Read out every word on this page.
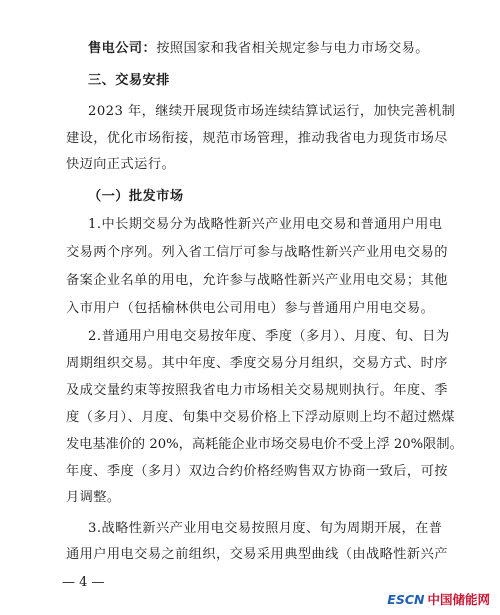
售电公司：按照国家和我省相关规定参与电力市场交易。
三、交易安排
2023 年，继续开展现货市场连续结算试运行，加快完善机制
建设，优化市场衔接，规范市场管理，推动我省电力现货市场尽
快迈向正式运行。
（一）批发市场
1.中长期交易分为战略性新兴产业用电交易和普通用户用电
交易两个序列。列入省工信厅可参与战略性新兴产业用电交易的
备案企业名单的用电，允许参与战略性新兴产业用电交易；其他
入市用户（包括榆林供电公司用电）参与普通用户用电交易。
2.普通用户用电交易按年度、季度（多月）、月度、旬、日为
周期组织交易。其中年度、季度交易分月组织，交易方式、时序
及成交量约束等按照我省电力市场相关交易规则执行。年度、季
度（多月）、月度、旬集中交易价格上下浮动原则上均不超过燃煤
发电基准价的 20%，高耗能企业市场交易电价不受上浮 20%限制。
年度、季度（多月）双边合约价格经购售双方协商一致后，可按
月调整。
3.战略性新兴产业用电交易按照月度、旬为周期开展，在普
通用户用电交易之前组织，交易采用典型曲线（由战略性新兴产
— 4 —
ESCN 中国储能网
